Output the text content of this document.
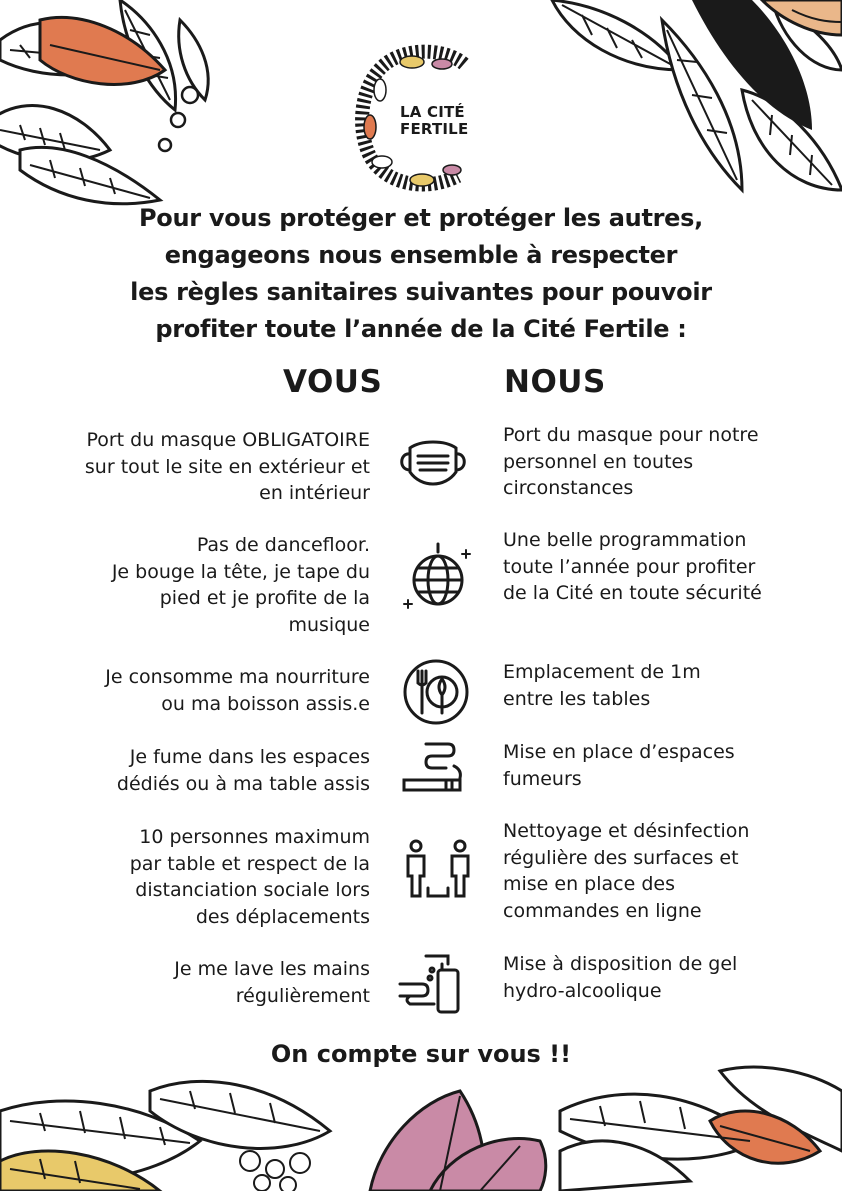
LA CITÉ
FERTILE
Pour vous protéger et protéger les autres,
engageons nous ensemble à respecter
les règles sanitaires suivantes pour pouvoir
profiter toute l’année de la Cité Fertile :
VOUS	NOUS
Port du masque OBLIGATOIRE
sur tout le site en extérieur et
en intérieur
Port du masque pour notre
personnel en toutes
circonstances
Pas de dancefloor.
Je bouge la tête, je tape du
pied et je profite de la
musique
Une belle programmation
toute l’année pour profiter
de la Cité en toute sécurité
Je consomme ma nourriture
ou ma boisson assis.e
Emplacement de 1m
entre les tables
Je fume dans les espaces
dédiés ou à ma table assis
Mise en place d’espaces
fumeurs
10 personnes maximum
par table et respect de la
distanciation sociale lors
des déplacements
Nettoyage et désinfection
régulière des surfaces et
mise en place des
commandes en ligne
Je me lave les mains
régulièrement
Mise à disposition de gel
hydro-alcoolique
On compte sur vous !!
